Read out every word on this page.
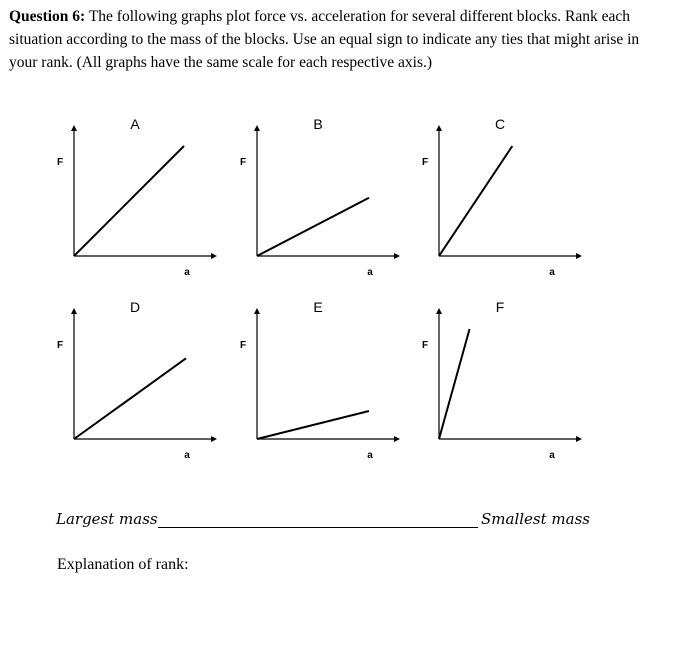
Question 6: The following graphs plot force vs. acceleration for several different blocks. Rank each situation according to the mass of the blocks. Use an equal sign to indicate any ties that might arise in your rank. (All graphs have the same scale for each respective axis.)
A
F
a
B
F
a
C
F
a
D
F
a
E
F
a
F
F
a
Largest mass	Smallest mass
Explanation of rank:
